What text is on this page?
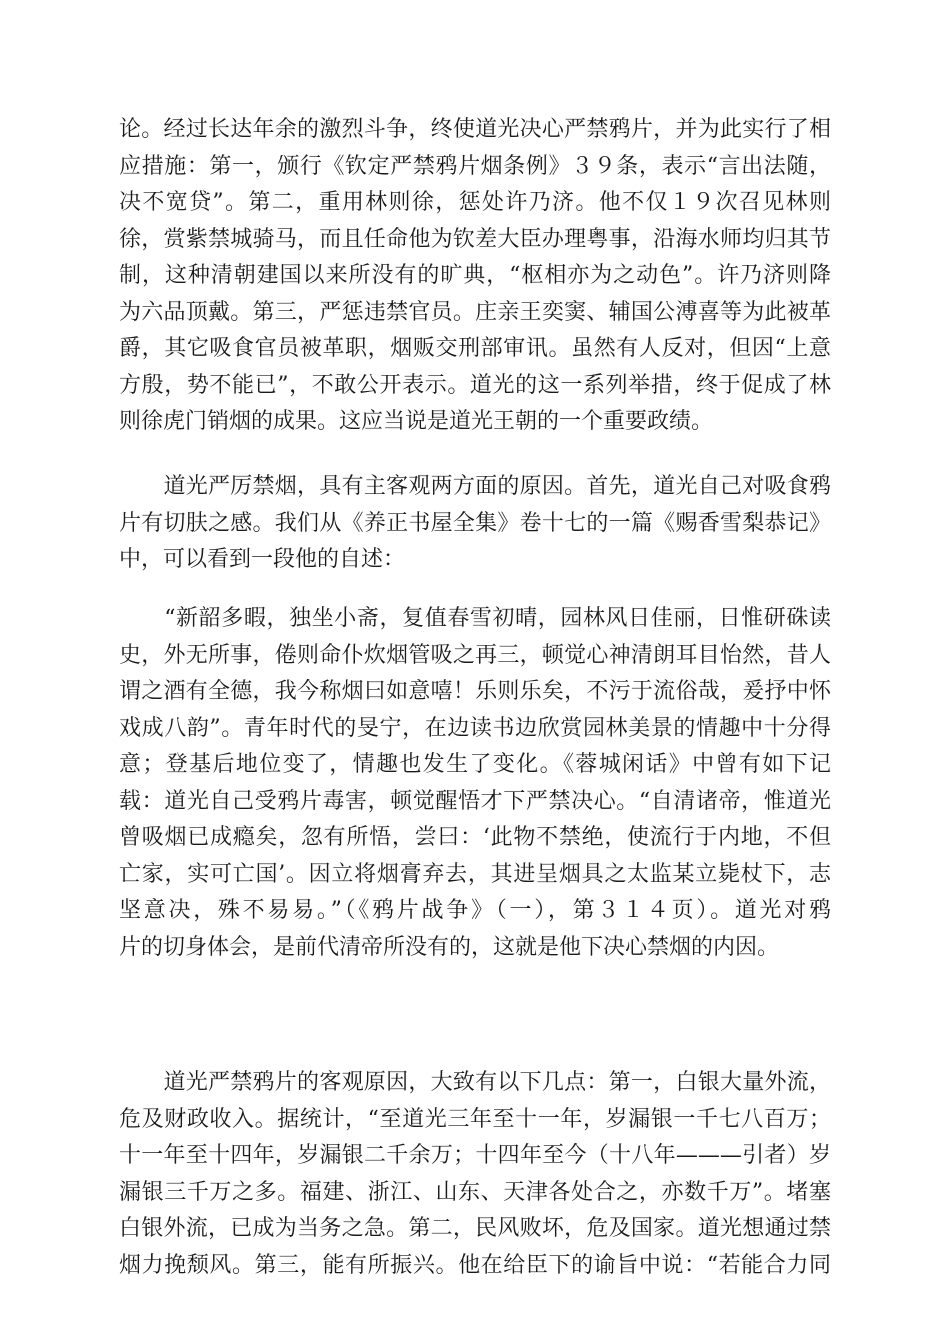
论。经过长达年余的激烈斗争，终使道光决心严禁鸦片，并为此实行了相
应措施：第一，颁行《钦定严禁鸦片烟条例》３９条，表示“言出法随，
决不宽贷”。第二，重用林则徐，惩处许乃济。他不仅１９次召见林则
徐，赏紫禁城骑马，而且任命他为钦差大臣办理粤事，沿海水师均归其节
制，这种清朝建国以来所没有的旷典，“枢相亦为之动色”。许乃济则降
为六品顶戴。第三，严惩违禁官员。庄亲王奕窦、辅国公溥喜等为此被革
爵，其它吸食官员被革职，烟贩交刑部审讯。虽然有人反对，但因“上意
方殷，势不能已”，不敢公开表示。道光的这一系列举措，终于促成了林
则徐虎门销烟的成果。这应当说是道光王朝的一个重要政绩。
　　道光严厉禁烟，具有主客观两方面的原因。首先，道光自己对吸食鸦
片有切肤之感。我们从《养正书屋全集》卷十七的一篇《赐香雪梨恭记》
中，可以看到一段他的自述：
　　“新韶多暇，独坐小斋，复值春雪初晴，园林风日佳丽，日惟研硃读
史，外无所事，倦则命仆炊烟管吸之再三，顿觉心神清朗耳目怡然，昔人
谓之酒有全德，我今称烟曰如意嘻！乐则乐矣，不污于流俗哉，爰抒中怀
戏成八韵”。青年时代的旻宁，在边读书边欣赏园林美景的情趣中十分得
意；登基后地位变了，情趣也发生了变化。《蓉城闲话》中曾有如下记
载：道光自己受鸦片毒害，顿觉醒悟才下严禁决心。“自清诸帝，惟道光
曾吸烟已成瘾矣，忽有所悟，尝曰：‘此物不禁绝，使流行于内地，不但
亡家，实可亡国’。因立将烟膏弃去，其进呈烟具之太监某立毙杖下，志
坚意决，殊不易易。”（《鸦片战争》（一），第３１４页）。道光对鸦
片的切身体会，是前代清帝所没有的，这就是他下决心禁烟的内因。
　　道光严禁鸦片的客观原因，大致有以下几点：第一，白银大量外流，
危及财政收入。据统计，“至道光三年至十一年，岁漏银一千七八百万；
十一年至十四年，岁漏银二千余万；十四年至今（十八年———引者）岁
漏银三千万之多。福建、浙江、山东、天津各处合之，亦数千万”。堵塞
白银外流，已成为当务之急。第二，民风败坏，危及国家。道光想通过禁
烟力挽颓风。第三，能有所振兴。他在给臣下的谕旨中说：“若能合力同
